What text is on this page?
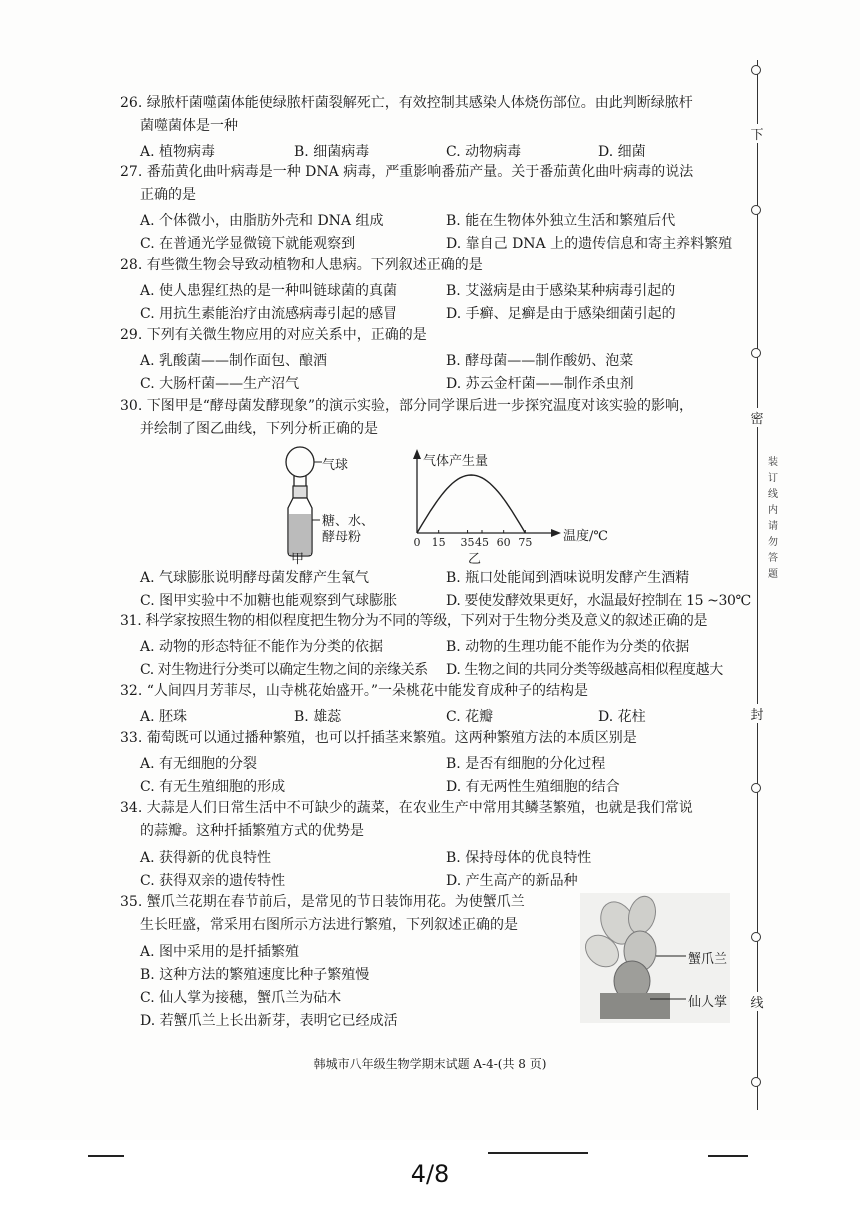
26. 绿脓杆菌噬菌体能使绿脓杆菌裂解死亡，有效控制其感染人体烧伤部位。由此判断绿脓杆
菌噬菌体是一种
A. 植物病毒	B. 细菌病毒	C. 动物病毒	D. 细菌
27. 番茄黄化曲叶病毒是一种 DNA 病毒，严重影响番茄产量。关于番茄黄化曲叶病毒的说法
正确的是
A. 个体微小，由脂肪外壳和 DNA 组成	B. 能在生物体外独立生活和繁殖后代
C. 在普通光学显微镜下就能观察到	D. 靠自己 DNA 上的遗传信息和寄主养料繁殖
28. 有些微生物会导致动植物和人患病。下列叙述正确的是
A. 使人患猩红热的是一种叫链球菌的真菌	B. 艾滋病是由于感染某种病毒引起的
C. 用抗生素能治疗由流感病毒引起的感冒	D. 手癣、足癣是由于感染细菌引起的
29. 下列有关微生物应用的对应关系中，正确的是
A. 乳酸菌——制作面包、酿酒	B. 酵母菌——制作酸奶、泡菜
C. 大肠杆菌——生产沼气	D. 苏云金杆菌——制作杀虫剂
30. 下图甲是“酵母菌发酵现象”的演示实验，部分同学课后进一步探究温度对该实验的影响，
并绘制了图乙曲线，下列分析正确的是
气球
糖、水、
酵母粉
甲
0 15 35 45 60 75
气体产生量
温度/℃
乙
A. 气球膨胀说明酵母菌发酵产生氧气	B. 瓶口处能闻到酒味说明发酵产生酒精
C. 图甲实验中不加糖也能观察到气球膨胀	D. 要使发酵效果更好，水温最好控制在 15 ~30℃
31. 科学家按照生物的相似程度把生物分为不同的等级，下列对于生物分类及意义的叙述正确的是
A. 动物的形态特征不能作为分类的依据	B. 动物的生理功能不能作为分类的依据
C. 对生物进行分类可以确定生物之间的亲缘关系 D. 生物之间的共同分类等级越高相似程度越大
32. “人间四月芳菲尽，山寺桃花始盛开。”一朵桃花中能发育成种子的结构是
A. 胚珠	B. 雄蕊	C. 花瓣	D. 花柱
33. 葡萄既可以通过播种繁殖，也可以扦插茎来繁殖。这两种繁殖方法的本质区别是
A. 有无细胞的分裂	B. 是否有细胞的分化过程
C. 有无生殖细胞的形成	D. 有无两性生殖细胞的结合
34. 大蒜是人们日常生活中不可缺少的蔬菜，在农业生产中常用其鳞茎繁殖，也就是我们常说
的蒜瓣。这种扦插繁殖方式的优势是
A. 获得新的优良特性	B. 保持母体的优良特性
C. 获得双亲的遗传特性	D. 产生高产的新品种
35. 蟹爪兰花期在春节前后，是常见的节日装饰用花。为使蟹爪兰
生长旺盛，常采用右图所示方法进行繁殖，下列叙述正确的是
A. 图中采用的是扦插繁殖
B. 这种方法的繁殖速度比种子繁殖慢
C. 仙人掌为接穗，蟹爪兰为砧木
D. 若蟹爪兰上长出新芽，表明它已经成活
蟹爪兰
仙人掌
下
密
装订线内请勿答题
封
线
韩城市八年级生物学期末试题 A-4-(共 8 页)
4/8
